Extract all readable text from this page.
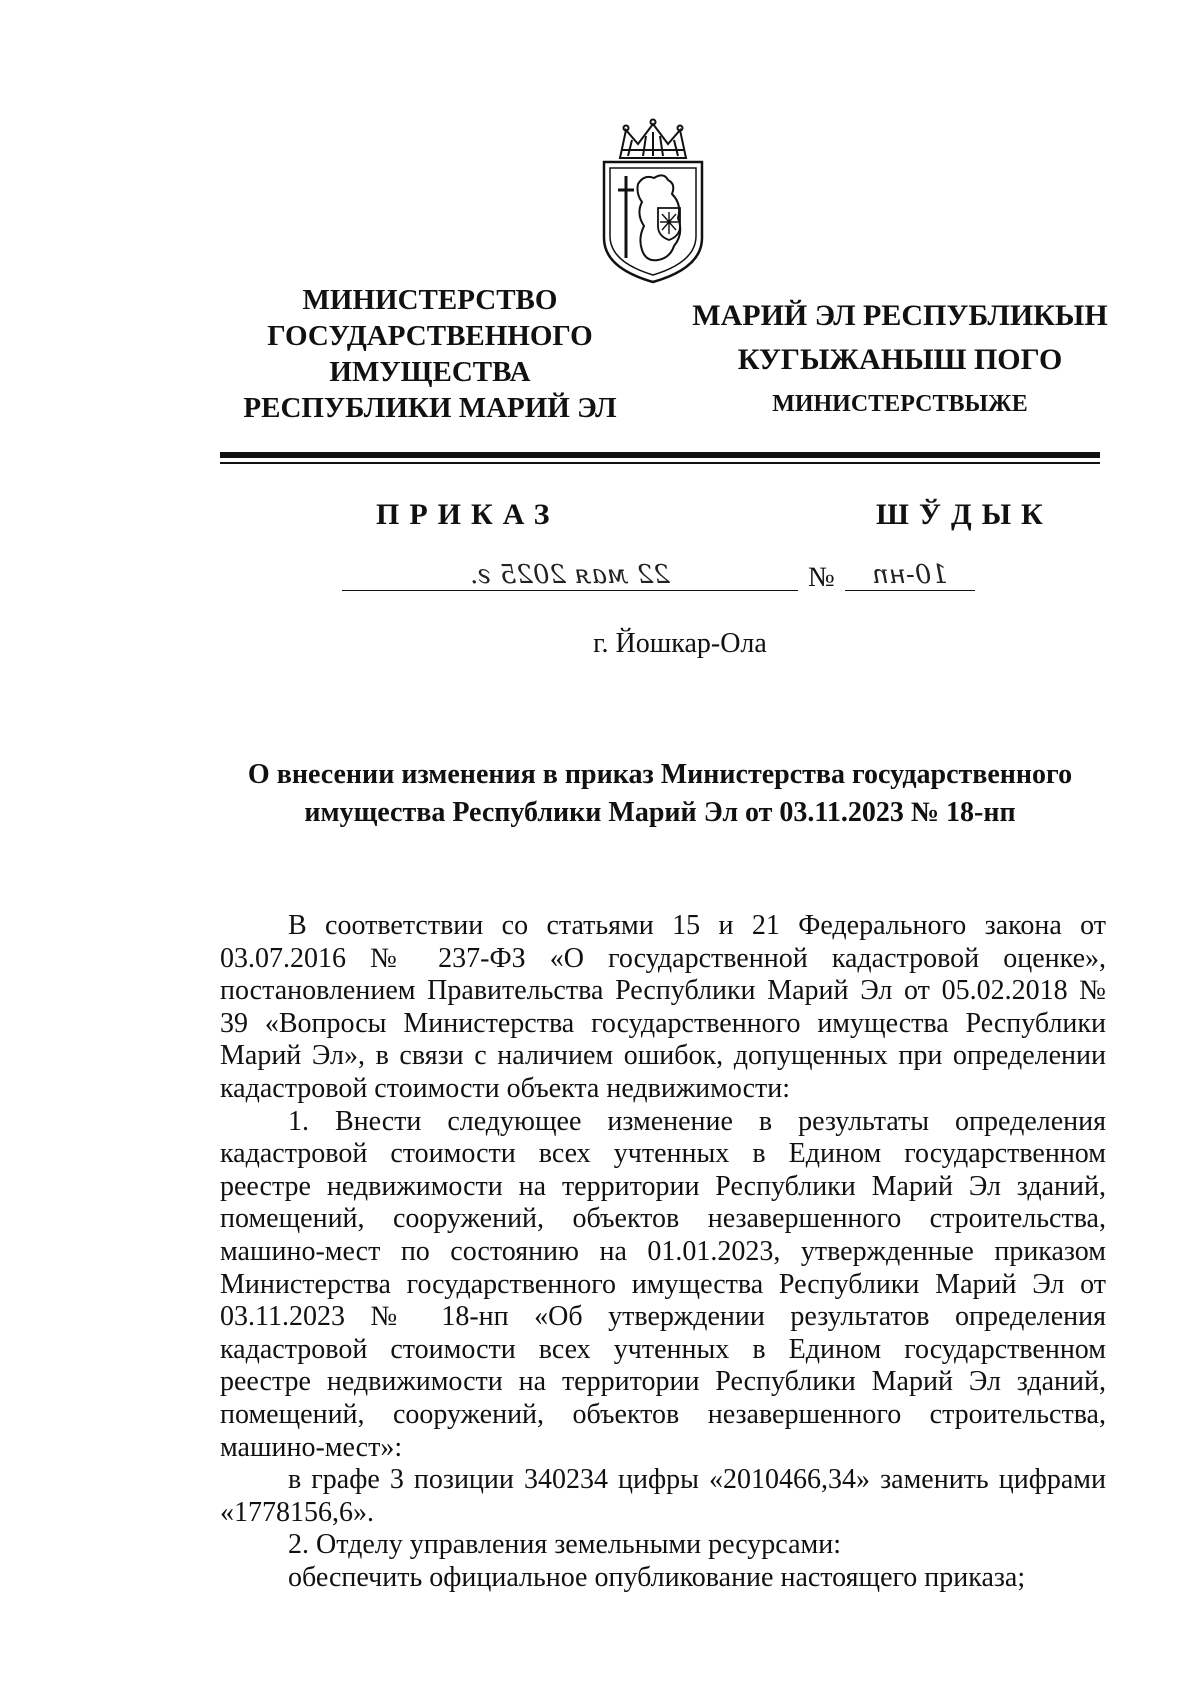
МИНИСТЕРСТВО
ГОСУДАРСТВЕННОГО
ИМУЩЕСТВА
РЕСПУБЛИКИ МАРИЙ ЭЛ
МАРИЙ ЭЛ РЕСПУБЛИКЫН
КУГЫЖАНЫШ ПОГО
МИНИСТЕРСТВЫЖЕ
ПРИКАЗ	ШЎДЫК
22 мая 2025 г.	№	10-нп
г. Йошкар-Ола
О внесении изменения в приказ Министерства государственного
имущества Республики Марий Эл от 03.11.2023 № 18-нп

В соответствии со статьями 15 и 21 Федерального закона от 03.07.2016 № 237-ФЗ «О государственной кадастровой оценке», постановлением Правительства Республики Марий Эл от 05.02.2018 № 39 «Вопросы Министерства государственного имущества Республики Марий Эл», в связи с наличием ошибок, допущенных при определении кадастровой стоимости объекта недвижимости:

1. Внести следующее изменение в результаты определения кадастровой стоимости всех учтенных в Едином государственном реестре недвижимости на территории Республики Марий Эл зданий, помещений, сооружений, объектов незавершенного строительства, машино-мест по состоянию на 01.01.2023, утвержденные приказом Министерства государственного имущества Республики Марий Эл от 03.11.2023 № 18-нп «Об утверждении результатов определения кадастровой стоимости всех учтенных в Едином государственном реестре недвижимости на территории Республики Марий Эл зданий, помещений, сооружений, объектов незавершенного строительства, машино-мест»:

в графе 3 позиции 340234 цифры «2010466,34» заменить цифрами «1778156,6».

2. Отделу управления земельными ресурсами:

обеспечить официальное опубликование настоящего приказа;
